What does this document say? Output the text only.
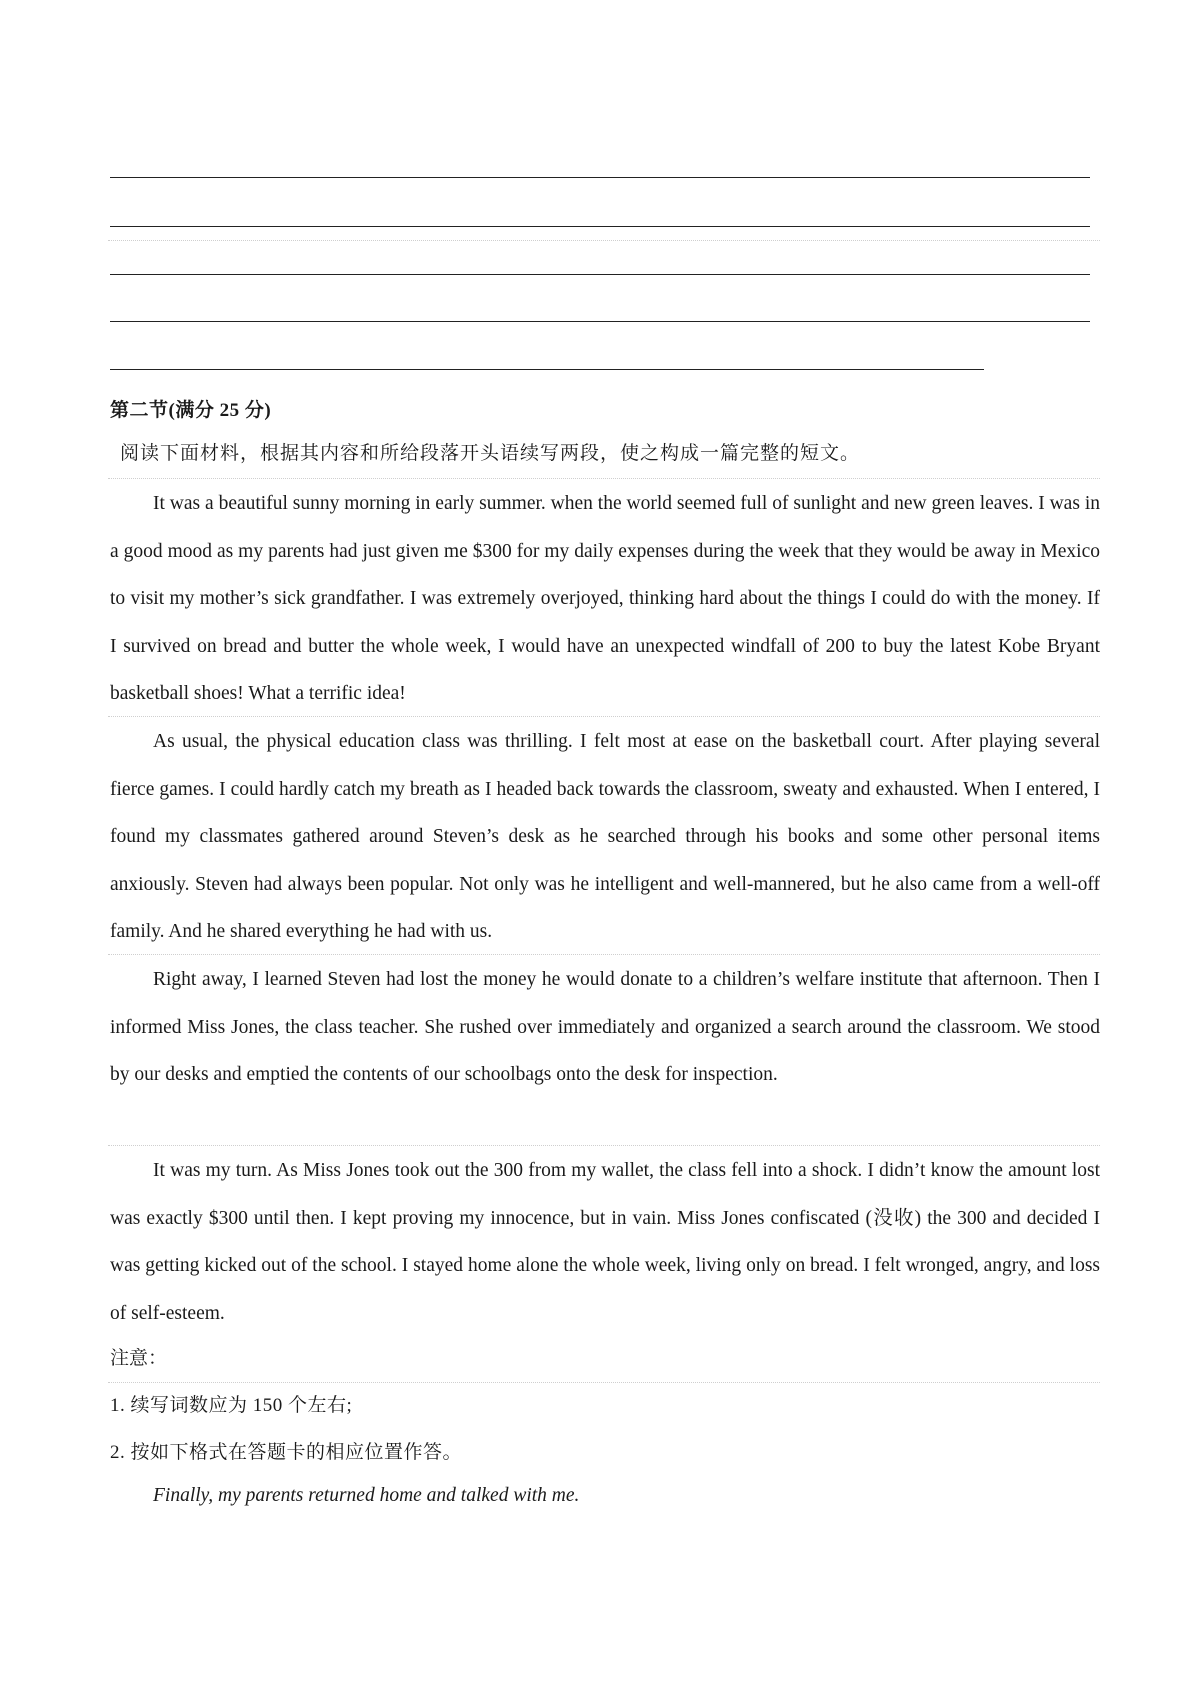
第二节(满分 25 分)
阅读下面材料，根据其内容和所给段落开头语续写两段，使之构成一篇完整的短文。

It was a beautiful sunny morning in early summer. when the world seemed full of sunlight and new green leaves. I was in a good mood as my parents had just given me $300 for my daily expenses during the week that they would be away in Mexico to visit my mother’s sick grandfather. I was extremely overjoyed, thinking hard about the things I could do with the money. If I survived on bread and butter the whole week, I would have an unexpected windfall of 200 to buy the latest Kobe Bryant basketball shoes! What a terrific idea!

As usual, the physical education class was thrilling. I felt most at ease on the basketball court. After playing several fierce games. I could hardly catch my breath as I headed back towards the classroom, sweaty and exhausted. When I entered, I found my classmates gathered around Steven’s desk as he searched through his books and some other personal items anxiously. Steven had always been popular. Not only was he intelligent and well-mannered, but he also came from a well-off family. And he shared everything he had with us.

Right away, I learned Steven had lost the money he would donate to a children’s welfare institute that afternoon. Then I informed Miss Jones, the class teacher. She rushed over immediately and organized a search around the classroom. We stood by our desks and emptied the contents of our schoolbags onto the desk for inspection.

It was my turn. As Miss Jones took out the 300 from my wallet, the class fell into a shock. I didn’t know the amount lost was exactly $300 until then. I kept proving my innocence, but in vain. Miss Jones confiscated (没收) the 300 and decided I was getting kicked out of the school. I stayed home alone the whole week, living only on bread. I felt wronged, angry, and loss of self-esteem.

注意：
1. 续写词数应为 150 个左右;
2. 按如下格式在答题卡的相应位置作答。
Finally, my parents returned home and talked with me.
